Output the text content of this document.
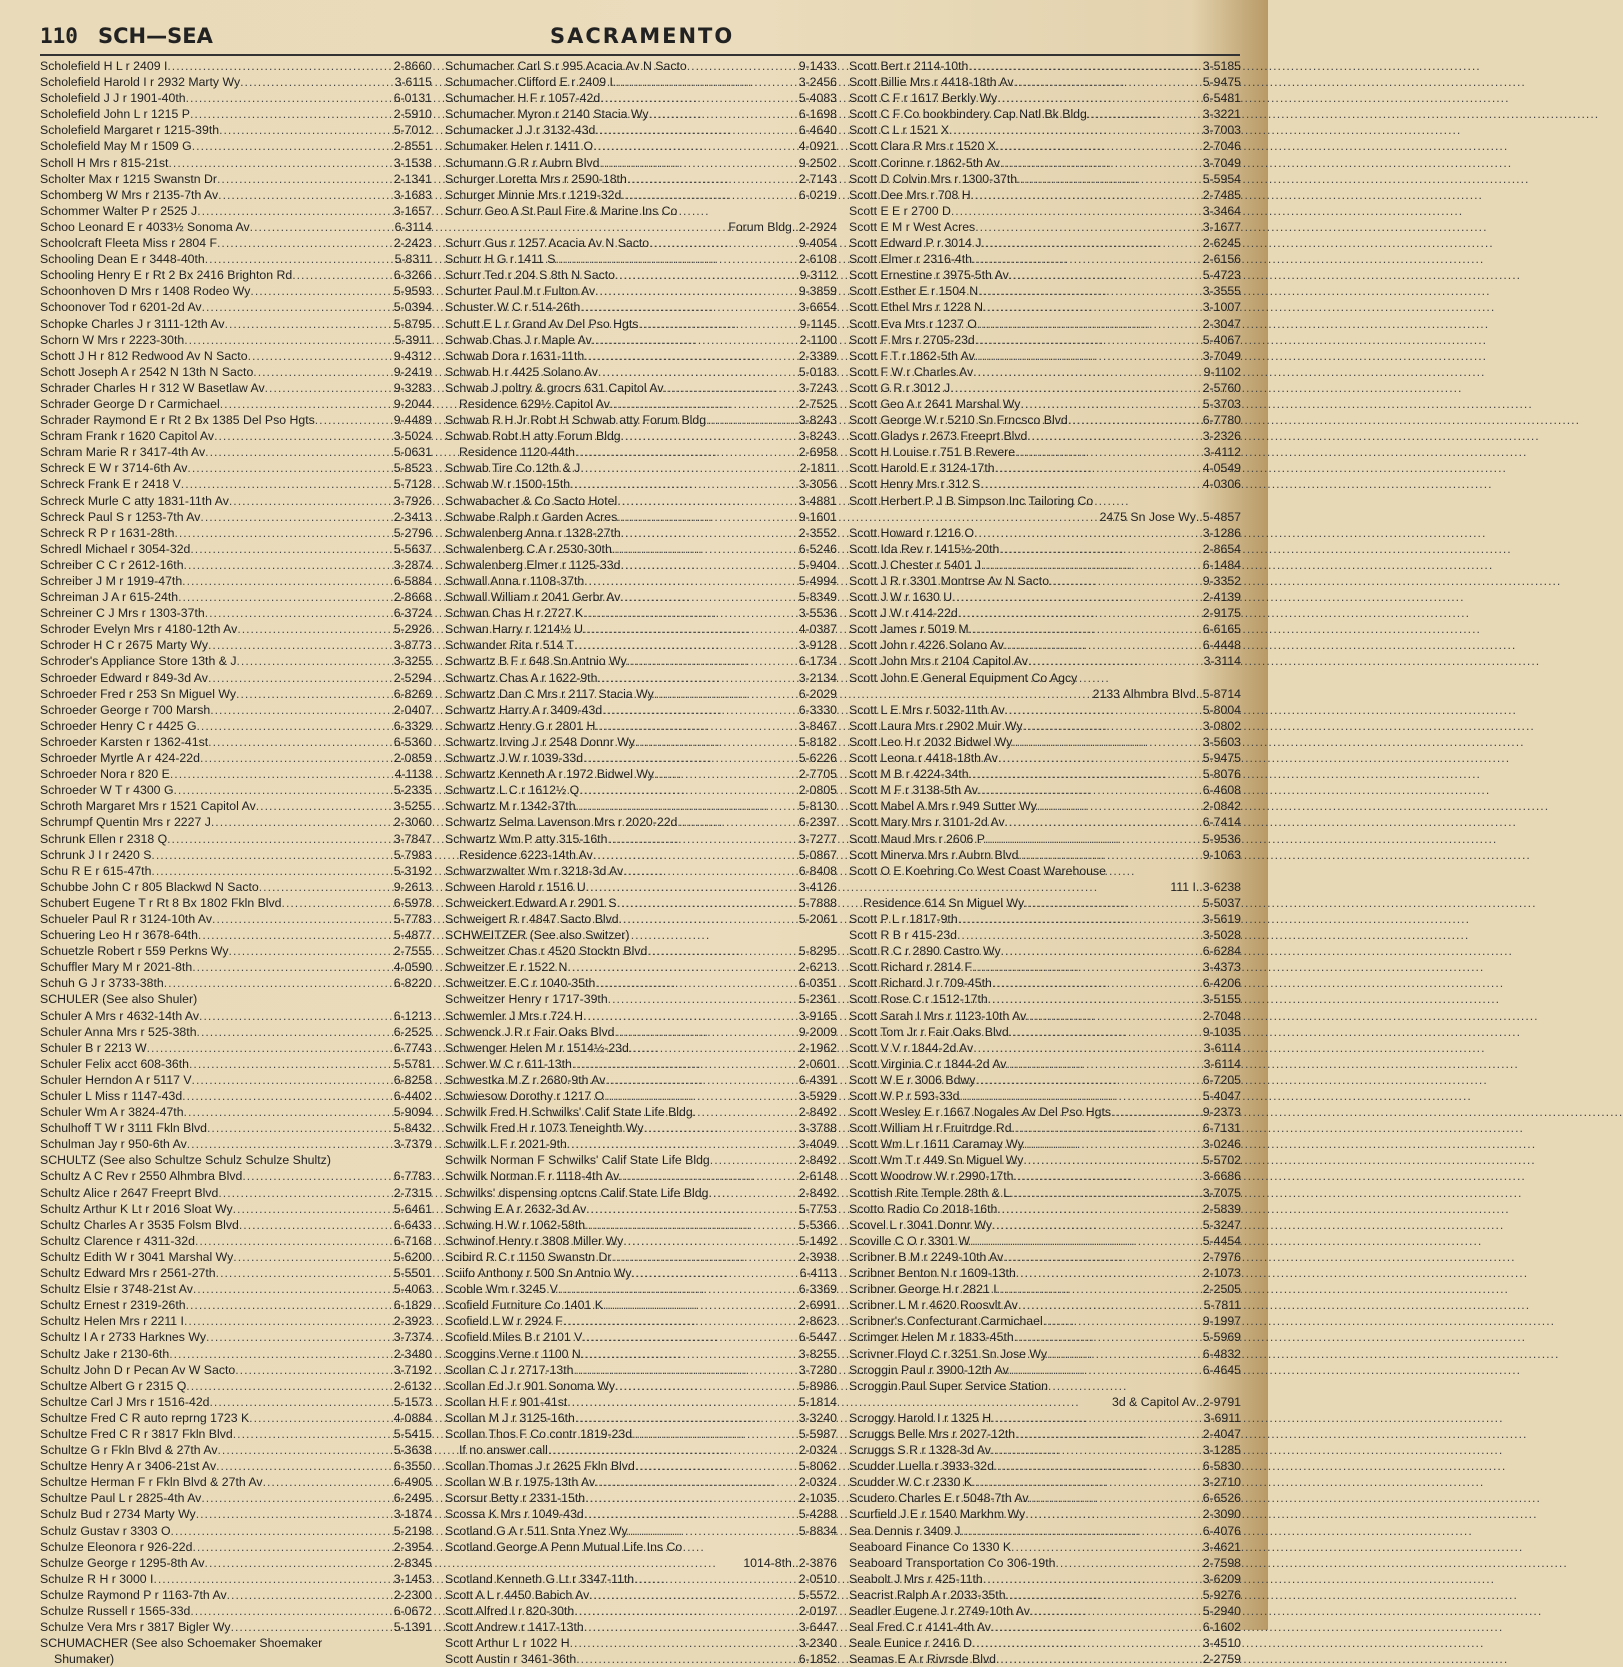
110 SCH—SEA	SACRAMENTO
Scholefield H L r 2409 I .....	2-8660
Scholefield Harold I r 2932 Marty Wy .....	3-6115
Scholefield J J r 1901-40th .....	6-0131
Scholefield John L r 1215 P .....	2-5910
Scholefield Margaret r 1215-39th .....	5-7012
Scholefield May M r 1509 G .....	2-8551
Scholl H Mrs r 815-21st .....	3-1538
Scholter Max r 1215 Swanstn Dr .....	2-1341
Schomberg W Mrs r 2135-7th Av .....	3-1683
Schommer Walter P r 2525 J .....	3-1657
Schoo Leonard E r 4033½ Sonoma Av .....	6-3114
Schoolcraft Fleeta Miss r 2804 F .....	2-2423
Schooling Dean E r 3448-40th .....	5-8311
Schooling Henry E r Rt 2 Bx 2416 Brighton Rd .....	6-3266
Schoonhoven D Mrs r 1408 Rodeo Wy .....	5-9593
Schoonover Tod r 6201-2d Av .....	5-0394
Schopke Charles J r 3111-12th Av .....	5-8795
Schorn W Mrs r 2223-30th .....	5-3911
Schott J H r 812 Redwood Av N Sacto .....	9-4312
Schott Joseph A r 2542 N 13th N Sacto .....	9-2419
Schrader Charles H r 312 W Basetlaw Av .....	9-3283
Schrader George D r Carmichael .....	9-2044
Schrader Raymond E r Rt 2 Bx 1385 Del Pso Hgts .....	9-4489
Schram Frank r 1620 Capitol Av .....	3-5024
Schram Marie R r 3417-4th Av .....	5-0631
Schreck E W r 3714-6th Av .....	5-8523
Schreck Frank E r 2418 V .....	5-7128
Schreck Murle C atty 1831-11th Av .....	3-7926
Schreck Paul S r 1253-7th Av .....	2-3413
Schreck R P r 1631-28th .....	5-2796
Schredl Michael r 3054-32d .....	5-5637
Schreiber C C r 2612-16th .....	3-2874
Schreiber J M r 1919-47th .....	6-5884
Schreiman J A r 615-24th .....	2-8668
Schreiner C J Mrs r 1303-37th .....	6-3724
Schroder Evelyn Mrs r 4180-12th Av .....	5-2926
Schroder H C r 2675 Marty Wy .....	3-8773
Schroder's Appliance Store 13th & J .....	3-3255
Schroeder Edward r 849-3d Av .....	2-5294
Schroeder Fred r 253 Sn Miguel Wy .....	6-8269
Schroeder George r 700 Marsh .....	2-0407
Schroeder Henry C r 4425 G .....	6-3329
Schroeder Karsten r 1362-41st .....	6-5360
Schroeder Myrtle A r 424-22d .....	2-0859
Schroeder Nora r 820 E .....	4-1138
Schroeder W T r 4300 G .....	5-2335
Schroth Margaret Mrs r 1521 Capitol Av .....	3-5255
Schrumpf Quentin Mrs r 2227 J .....	2-3060
Schrunk Ellen r 2318 Q .....	3-7847
Schrunk J I r 2420 S .....	5-7983
Schu R E r 615-47th .....	5-3192
Schubbe John C r 805 Blackwd N Sacto .....	9-2613
Schubert Eugene T r Rt 8 Bx 1802 Fkln Blvd .....	6-5978
Schueler Paul R r 3124-10th Av .....	5-7783
Schuering Leo H r 3678-64th .....	5-4877
Schuetzle Robert r 559 Perkns Wy .....	2-7555
Schuffler Mary M r 2021-8th .....	4-0590
Schuh G J r 3733-38th .....	6-8220
SCHULER (See also Shuler)
Schuler A Mrs r 4632-14th Av .....	6-1213
Schuler Anna Mrs r 525-38th .....	6-2525
Schuler B r 2213 W .....	6-7743
Schuler Felix acct 608-36th .....	5-5781
Schuler Herndon A r 5117 V .....	6-8258
Schuler L Miss r 1147-43d .....	6-4402
Schuler Wm A r 3824-47th .....	5-9094
Schulhoff T W r 3111 Fkln Blvd .....	5-8432
Schulman Jay r 950-6th Av .....	3-7379
SCHULTZ (See also Schultze Schulz Schulze Shultz)
Schultz A C Rev r 2550 Alhmbra Blvd .....	6-7783
Schultz Alice r 2647 Freeprt Blvd .....	2-7315
Schultz Arthur K Lt r 2016 Sloat Wy .....	5-6461
Schultz Charles A r 3535 Folsm Blvd .....	6-6433
Schultz Clarence r 4311-32d .....	6-7168
Schultz Edith W r 3041 Marshal Wy .....	5-6200
Schultz Edward Mrs r 2561-27th .....	5-5501
Schultz Elsie r 3748-21st Av .....	5-4063
Schultz Ernest r 2319-26th .....	6-1829
Schultz Helen Mrs r 2211 I .....	2-3923
Schultz I A r 2733 Harknes Wy .....	3-7374
Schultz Jake r 2130-6th .....	2-3480
Schultz John D r Pecan Av W Sacto .....	3-7192
Schultze Albert G r 2315 Q .....	2-6132
Schultze Carl J Mrs r 1516-42d .....	5-1573
Schultze Fred C R auto reprng 1723 K .....	4-0884
Schultze Fred C R r 3817 Fkln Blvd .....	5-5415
Schultze G r Fkln Blvd & 27th Av .....	5-3638
Schultze Henry A r 3406-21st Av .....	6-3550
Schultze Herman F r Fkln Blvd & 27th Av .....	6-4905
Schultze Paul L r 2825-4th Av .....	6-2495
Schulz Bud r 2734 Marty Wy .....	3-1874
Schulz Gustav r 3303 O .....	5-2198
Schulze Eleonora r 926-22d .....	2-3954
Schulze George r 1295-8th Av .....	2-8345
Schulze R H r 3000 I .....	3-1453
Schulze Raymond P r 1163-7th Av .....	2-2300
Schulze Russell r 1565-33d .....	6-0672
Schulze Vera Mrs r 3817 Bigler Wy .....	5-1391
SCHUMACHER (See also Schoemaker Shoemaker
Shumaker)
Schumacher Carl S r 995 Acacia Av N Sacto .....	9-1433
Schumacher Clifford E r 2409 I .....	3-2456
Schumacher H F r 1057-42d .....	5-4083
Schumacher Myron r 2140 Stacia Wy .....	6-1698
Schumacker J J r 3132-43d .....	6-4640
Schumaker Helen r 1411 O .....	4-0921
Schumann G R r Aubrn Blvd .....	9-2502
Schurger Loretta Mrs r 2590-18th .....	2-7143
Schurger Minnie Mrs r 1219-32d .....	6-0219
Schurr Geo A St Paul Fire & Marine Ins Co
Forum Bldg ..2-2924
Schurr Gus r 1257 Acacia Av N Sacto .....	9-4054
Schurr H G r 1411 S .....	2-6108
Schurr Ted r 204 S 8th N Sacto .....	9-3112
Schurter Paul M r Fulton Av .....	9-3859
Schuster W C r 514-26th .....	3-6654
Schutt E L r Grand Av Del Pso Hgts .....	9-1145
Schwab Chas J r Maple Av .....	2-1100
Schwab Dora r 1631-11th .....	2-3389
Schwab H r 4425 Solano Av .....	5-0183
Schwab J poltry & grocrs 631 Capitol Av .....	3-7243
Residence 629½ Capitol Av .....	2-7525
Schwab R H Jr Robt H Schwab atty Forum Bldg .....	3-8243
Schwab Robt H atty Forum Bldg .....	3-8243
Residence 1120-44th .....	2-6958
Schwab Tire Co 12th & J .....	2-1811
Schwab W r 1500-15th .....	3-3056
Schwabacher & Co Sacto Hotel .....	3-4881
Schwabe Ralph r Garden Acres .....	9-1601
Schwalenberg Anna r 1328-27th .....	2-3552
Schwalenberg C A r 2530-30th .....	6-5246
Schwalenberg Elmer r 1125-33d .....	5-9404
Schwall Anna r 1108-37th .....	5-4994
Schwall William r 2041 Gerbr Av .....	5-8349
Schwan Chas H r 2727 K .....	3-5536
Schwan Harry r 1214½ U .....	4-0387
Schwander Rita r 514 T .....	3-9128
Schwartz B F r 648 Sn Antnio Wy .....	6-1734
Schwartz Chas A r 1622-9th .....	3-2134
Schwartz Dan C Mrs r 2117 Stacia Wy .....	6-2029
Schwartz Harry A r 3409-43d .....	6-3330
Schwartz Henry G r 2801 H .....	3-8467
Schwartz Irving J r 2548 Donnr Wy .....	5-8182
Schwartz J W r 1039-33d .....	5-6226
Schwartz Kenneth A r 1972 Bidwel Wy .....	2-7705
Schwartz L C r 1612½ Q .....	2-0805
Schwartz M r 1342-37th .....	5-8130
Schwartz Selma Lavenson Mrs r 2020-22d .....	6-2397
Schwartz Wm P atty 315-16th .....	3-7277
Residence 6223-14th Av .....	5-0867
Schwarzwalter Wm r 3218-3d Av .....	6-8408
Schween Harold r 1516 U .....	3-4126
Schweickert Edward A r 2901 S .....	5-7888
Schweigert R r 4847 Sacto Blvd .....	5-2061
SCHWEITZER (See also Switzer)
Schweitzer Chas r 4520 Stocktn Blvd .....	5-8295
Schweitzer E r 1522 N .....	2-6213
Schweitzer E C r 1040-35th .....	6-0351
Schweitzer Henry r 1717-39th .....	5-2361
Schwemler J Mrs r 724 H .....	3-9165
Schwenck J R r Fair Oaks Blvd .....	9-2009
Schwenger Helen M r 1514½-23d .....	2-1962
Schwer W C r 611-13th .....	2-0601
Schwestka M Z r 2680-9th Av .....	6-4391
Schwiesow Dorothy r 1217 O .....	3-5929
Schwilk Fred H Schwilks' Calif State Life Bldg .....	2-8492
Schwilk Fred H r 1073 Teneighth Wy .....	3-3788
Schwilk L F r 2021-9th .....	3-4049
Schwilk Norman F Schwilks' Calif State Life Bldg .....	2-8492
Schwilk Norman F r 1118-4th Av .....	2-6148
Schwilks' dispensing optcns Calif State Life Bldg .....	2-8492
Schwing E A r 2632-3d Av .....	5-7753
Schwing H W r 1062-58th .....	5-5366
Schwinof Henry r 3808 Miller Wy .....	5-1492
Scibird R C r 1150 Swanstn Dr .....	2-3938
Sciifo Anthony r 500 Sn Antnio Wy .....	6-4113
Scoble Wm r 3245 V .....	6-3369
Scofield Furniture Co 1401 K .....	2-6991
Scofield L W r 2924 F .....	2-8623
Scofield Miles B r 2101 V .....	6-5447
Scoggins Verne r 1100 N .....	3-8255
Scollan C J r 2717-13th .....	3-7280
Scollan Ed J r 901 Sonoma Wy .....	5-8986
Scollan H F r 901-41st .....	5-1814
Scollan M J r 3125-16th .....	3-3240
Scollan Thos F Co contr 1819-23d .....	5-5987
If no answer call .....	2-0324
Scollan Thomas J r 2625 Fkln Blvd .....	5-8062
Scollan W B r 1975-13th Av .....	2-0324
Scorsur Betty r 2331-15th .....	2-1035
Scossa K Mrs r 1049-43d .....	5-4288
Scotland G A r 511 Snta Ynez Wy .....	5-8834
Scotland George A Penn Mutual Life Ins Co
1014-8th ..2-3876
Scotland Kenneth G Lt r 3347-11th .....	2-0510
Scott A L r 4450 Babich Av .....	5-5572
Scott Alfred I r 820-30th .....	2-0197
Scott Andrew r 1417-13th .....	3-6447
Scott Arthur L r 1022 H .....	3-2340
Scott Austin r 3461-36th .....	6-1852
Scott Bert r 2114-10th .....	3-5185
Scott Billie Mrs r 4418-18th Av .....	5-9475
Scott C F r 1617 Berkly Wy .....	6-5481
Scott C F Co bookbindery Cap Natl Bk Bldg .....	3-3221
Scott C L r 1521 X .....	3-7003
Scott Clara R Mrs r 1520 X .....	2-7046
Scott Corinne r 1862-5th Av .....	3-7049
Scott D Colvin Mrs r 1300-37th .....	5-5954
Scott Dee Mrs r 708 H .....	2-7485
Scott E E r 2700 D .....	3-3464
Scott E M r West Acres .....	3-1677
Scott Edward P r 3014 J .....	2-6245
Scott Elmer r 2316-4th .....	2-6156
Scott Ernestine r 3975-5th Av .....	5-4723
Scott Esther E r 1504 N .....	3-3555
Scott Ethel Mrs r 1228 N .....	3-1007
Scott Eva Mrs r 1237 O .....	2-3047
Scott F Mrs r 2705-23d .....	5-4067
Scott F T r 1862-5th Av .....	3-7049
Scott F W r Charles Av .....	9-1102
Scott G R r 3012 J .....	2-5760
Scott Geo A r 2641 Marshal Wy .....	5-3703
Scott George W r 5210 Sn Frncsco Blvd .....	6-7780
Scott Gladys r 2673 Freeprt Blvd .....	3-2326
Scott H Louise r 751 B Revere .....	3-4112
Scott Harold E r 3124-17th .....	4-0549
Scott Henry Mrs r 312 S .....	4-0306
Scott Herbert P J B Simpson Inc Tailoring Co
2475 Sn Jose Wy ..5-4857
Scott Howard r 1216 O .....	3-1286
Scott Ida Rev r 1415½-20th .....	2-8654
Scott J Chester r 5401 J .....	6-1484
Scott J R r 3301 Montrse Av N Sacto .....	9-3352
Scott J W r 1630 U .....	2-4139
Scott J W r 414-22d .....	2-9175
Scott James r 5019 M .....	6-6165
Scott John r 4226 Solano Av .....	6-4448
Scott John Mrs r 2104 Capitol Av .....	3-3114
Scott John E General Equipment Co Agcy
2133 Alhmbra Blvd ..5-8714
Scott L E Mrs r 5032-11th Av .....	5-8004
Scott Laura Mrs r 2902 Muir Wy .....	3-0802
Scott Leo H r 2032 Bidwel Wy .....	3-5603
Scott Leona r 4418-18th Av .....	5-9475
Scott M B r 4224-34th .....	5-8076
Scott M F r 3138-5th Av .....	6-4608
Scott Mabel A Mrs r 949 Sutter Wy .....	2-0842
Scott Mary Mrs r 3101-2d Av .....	6-7414
Scott Maud Mrs r 2606 P .....	5-9536
Scott Minerva Mrs r Aubrn Blvd .....	9-1063
Scott O E Koehring Co West Coast Warehouse
111 I ..3-6238
Residence 614 Sn Miguel Wy .....	5-5037
Scott P L r 1817-9th .....	3-5619
Scott R B r 415-23d .....	3-5028
Scott R C r 2890 Castro Wy .....	6-6284
Scott Richard r 2814 F .....	3-4373
Scott Richard J r 709-45th .....	6-4206
Scott Rose C r 1512-17th .....	3-5155
Scott Sarah I Mrs r 1123-10th Av .....	2-7048
Scott Tom Jr r Fair Oaks Blvd .....	9-1035
Scott V V r 1844-2d Av .....	3-6114
Scott Virginia C r 1844-2d Av .....	3-6114
Scott W E r 3006 Bdwy .....	6-7205
Scott W P r 593-33d .....	5-4047
Scott Wesley E r 1667 Nogales Av Del Pso Hgts .....	9-2373
Scott William H r Fruitrdge Rd .....	6-7131
Scott Wm L r 1611 Caramay Wy .....	3-0246
Scott Wm T r 449 Sn Miguel Wy .....	5-5702
Scott Woodrow W r 2990-17th .....	3-6686
Scottish Rite Temple 28th & L .....	3-7075
Scotto Radio Co 2018-16th .....	2-5839
Scovel L r 3041 Donnr Wy .....	5-3247
Scoville C O r 3301 W .....	5-4454
Scribner B M r 2249-10th Av .....	2-7976
Scribner Benton N r 1609-13th .....	2-1073
Scribner George H r 2821 I .....	2-2505
Scribner L M r 4620 Roosvlt Av .....	5-7811
Scribner's Confecturant Carmichael .....	9-1997
Scrimger Helen M r 1833-45th .....	5-5969
Scrivner Floyd C r 3251 Sn Jose Wy .....	6-4832
Scroggin Paul r 3900-12th Av .....	6-4645
Scroggin Paul Super Service Station
3d & Capitol Av ..2-9791
Scroggy Harold I r 1325 H .....	3-6911
Scruggs Belle Mrs r 2027-12th .....	2-4047
Scruggs S R r 1328-3d Av .....	3-1285
Scudder Luella r 3933-32d .....	6-5830
Scudder W C r 2330 K .....	3-2710
Scudero Charles E r 5048-7th Av .....	6-6526
Scurfield J E r 1540 Markhm Wy .....	2-3090
Sea Dennis r 3409 J .....	6-4076
Seaboard Finance Co 1330 K .....	3-4621
Seaboard Transportation Co 306-19th .....	2-7598
Seabolt J Mrs r 425-11th .....	3-6209
Seacrist Ralph A r 2033-35th .....	5-9276
Seadler Eugene J r 2749-10th Av .....	5-2940
Seal Fred C r 4141-4th Av .....	6-1602
Seale Eunice r 2416 D .....	3-4510
Seamas E A r Rivrsde Blvd .....	2-2759
